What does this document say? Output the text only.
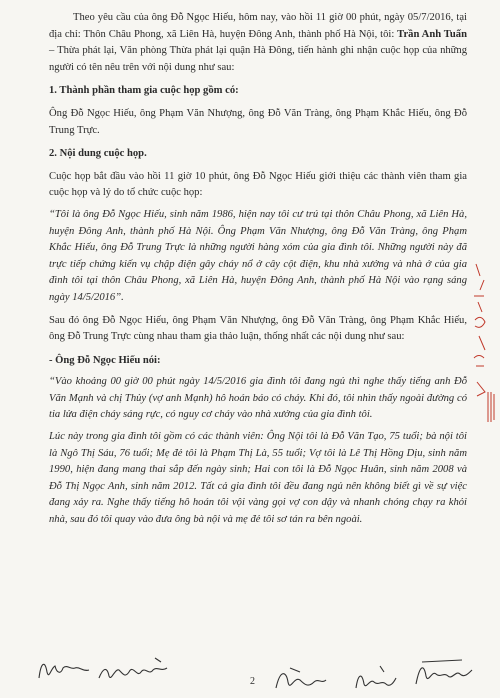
Theo yêu cầu của ông Đỗ Ngọc Hiếu, hôm nay, vào hồi 11 giờ 00 phút, ngày 05/7/2016, tại địa chỉ: Thôn Châu Phong, xã Liên Hà, huyện Đông Anh, thành phố Hà Nội, tôi: Trần Anh Tuấn – Thừa phát lại, Văn phòng Thừa phát lại quận Hà Đông, tiến hành ghi nhận cuộc họp của những người có tên nêu trên với nội dung như sau:

1. Thành phần tham gia cuộc họp gồm có:

Ông Đỗ Ngọc Hiếu, ông Phạm Văn Nhượng, ông Đỗ Văn Tràng, ông Phạm Khắc Hiếu, ông Đỗ Trung Trực.

2. Nội dung cuộc họp.

Cuộc họp bắt đầu vào hồi 11 giờ 10 phút, ông Đỗ Ngọc Hiếu giới thiệu các thành viên tham gia cuộc họp và lý do tổ chức cuộc họp:

“Tôi là ông Đỗ Ngọc Hiếu, sinh năm 1986, hiện nay tôi cư trú tại thôn Châu Phong, xã Liên Hà, huyện Đông Anh, thành phố Hà Nội. Ông Phạm Văn Nhượng, ông Đỗ Văn Tràng, ông Phạm Khắc Hiếu, ông Đỗ Trung Trực là những người hàng xóm của gia đình tôi. Những người này đã trực tiếp chứng kiến vụ chập điện gây cháy nổ ở cây cột điện, khu nhà xưởng và nhà ở của gia đình tôi tại thôn Châu Phong, xã Liên Hà, huyện Đông Anh, thành phố Hà Nội vào rạng sáng ngày 14/5/2016”.

Sau đó ông Đỗ Ngọc Hiếu, ông Phạm Văn Nhượng, ông Đỗ Văn Tràng, ông Phạm Khắc Hiếu, ông Đỗ Trung Trực cùng nhau tham gia thảo luận, thống nhất các nội dung như sau:

- Ông Đỗ Ngọc Hiếu nói:

“Vào khoảng 00 giờ 00 phút ngày 14/5/2016 gia đình tôi đang ngủ thì nghe thấy tiếng anh Đỗ Văn Mạnh và chị Thủy (vợ anh Mạnh) hô hoán báo có cháy. Khi đó, tôi nhìn thấy ngoài đường có tia lửa điện cháy sáng rực, có nguy cơ cháy vào nhà xưởng của gia đình tôi.

Lúc này trong gia đình tôi gồm có các thành viên: Ông Nội tôi là Đỗ Văn Tạo, 75 tuổi; bà nội tôi là Ngô Thị Sáu, 76 tuổi; Mẹ đẻ tôi là Phạm Thị Là, 55 tuổi; Vợ tôi là Lê Thị Hồng Dịu, sinh năm 1990, hiện đang mang thai sắp đến ngày sinh; Hai con tôi là Đỗ Ngọc Huân, sinh năm 2008 và Đỗ Thị Ngọc Anh, sinh năm 2012. Tất cả gia đình tôi đều đang ngủ nên không biết gì về sự việc đang xảy ra. Nghe thấy tiếng hô hoán tôi vội vàng gọi vợ con dậy và nhanh chóng chạy ra khỏi nhà, sau đó tôi quay vào đưa ông bà nội và mẹ đẻ tôi sơ tán ra bên ngoài.

2
